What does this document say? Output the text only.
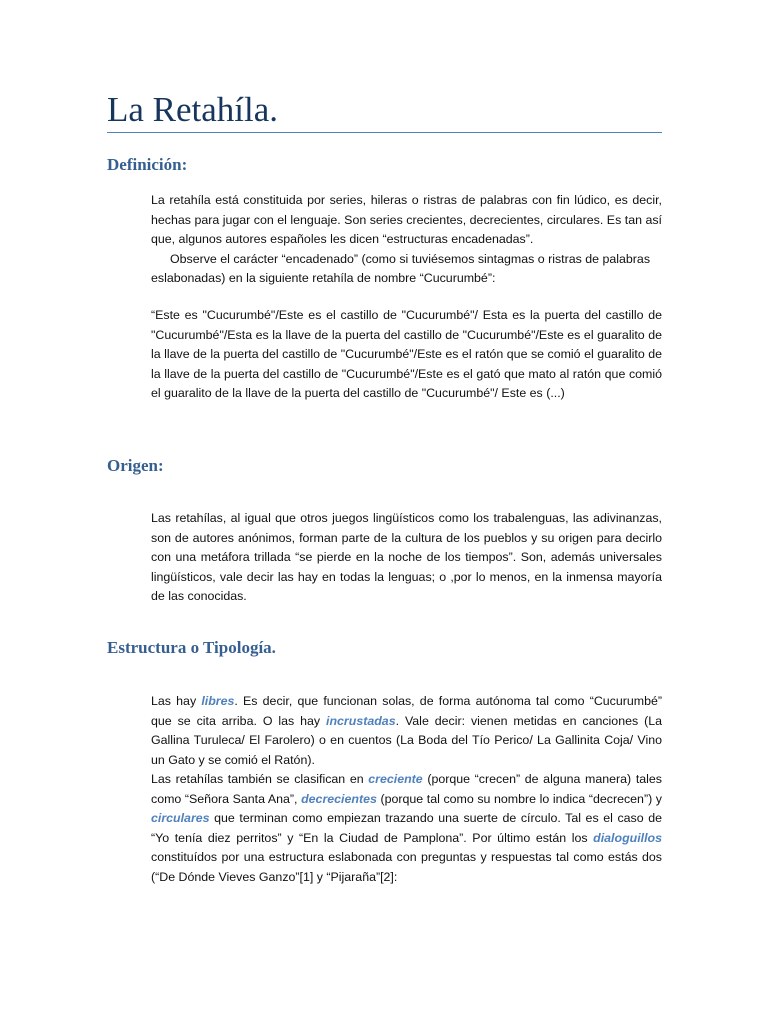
La Retahíla.
Definición:

La retahíla está constituida por series, hileras o ristras de palabras con fin lúdico, es decir, hechas para jugar con el lenguaje. Son series crecientes, decrecientes, circulares. Es tan así que, algunos autores españoles les dicen “estructuras encadenadas”.

Observe el carácter “encadenado” (como si tuviésemos sintagmas o ristras de palabras eslabonadas) en la siguiente retahíla de nombre “Cucurumbé”:

“Este es "Cucurumbé"/Este es el castillo de "Cucurumbé"/ Esta es la puerta del castillo de "Cucurumbé"/Esta es la llave de la puerta del castillo de "Cucurumbé"/Este es el guaralito de la llave de la puerta del castillo de "Cucurumbé"/Este es el ratón que se comió el guaralito de la llave de la puerta del castillo de "Cucurumbé"/Este es el gató que mato al ratón que comió el guaralito de la llave de la puerta del castillo de "Cucurumbé"/ Este es (...)
Origen:
Las retahílas, al igual que otros juegos lingüísticos como los trabalenguas, las adivinanzas, son de autores anónimos, forman parte de la cultura de los pueblos y su origen para decirlo con una metáfora trillada “se pierde en la noche de los tiempos”. Son, además universales lingüísticos, vale decir las hay en todas la lenguas; o ,por lo menos, en la inmensa mayoría de las conocidas.
Estructura o Tipología.

Las hay libres. Es decir, que funcionan solas, de forma autónoma tal como “Cucurumbé” que se cita arriba. O las hay incrustadas. Vale decir: vienen metidas en canciones (La Gallina Turuleca/ El Farolero) o en cuentos (La Boda del Tío Perico/ La Gallinita Coja/ Vino un Gato y se comió el Ratón).

Las retahílas también se clasifican en creciente (porque “crecen” de alguna manera) tales como “Señora Santa Ana”, decrecientes (porque tal como su nombre lo indica “decrecen”) y circulares que terminan como empiezan trazando una suerte de círculo. Tal es el caso de “Yo tenía diez perritos” y “En la Ciudad de Pamplona”. Por último están los dialoguillos constituídos por una estructura eslabonada con preguntas y respuestas tal como estás dos (“De Dónde Vieves Ganzo”[1] y “Pijaraña”[2]:
